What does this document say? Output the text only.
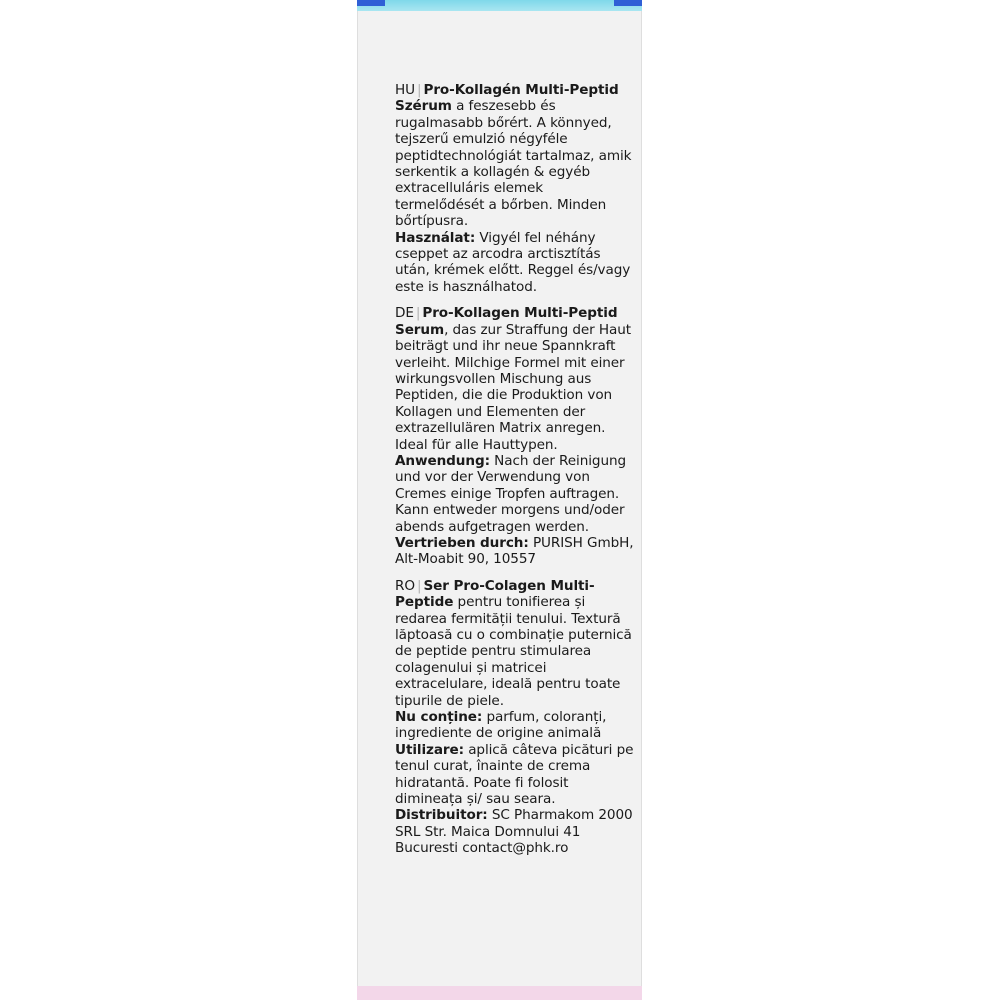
HU | Pro-Kollagén Multi-Peptid Szérum a feszesebb és rugalmasabb bőrért. A könnyed, tejszerű emulzió négyféle peptidtechnológiát tartalmaz, amik serkentik a kollagén & egyéb extracelluláris elemek termelődését a bőrben. Minden bőrtípusra.
Használat: Vigyél fel néhány cseppet az arcodra arctisztítás után, krémek előtt. Reggel és/vagy este is használhatod.
DE | Pro-Kollagen Multi-Peptid Serum, das zur Straffung der Haut beiträgt und ihr neue Spannkraft verleiht. Milchige Formel mit einer wirkungsvollen Mischung aus Peptiden, die die Produktion von Kollagen und Elementen der extrazellulären Matrix anregen. Ideal für alle Hauttypen.
Anwendung: Nach der Reinigung und vor der Verwendung von Cremes einige Tropfen auftragen. Kann entweder morgens und/oder abends aufgetragen werden.
Vertrieben durch: PURISH GmbH, Alt-Moabit 90, 10557
RO | Ser Pro-Colagen Multi-Peptide pentru tonifierea și redarea fermității tenului. Textură lăptoasă cu o combinație puternică de peptide pentru stimularea colagenului și matricei extracelulare, ideală pentru toate tipurile de piele.
Nu conține: parfum, coloranți, ingrediente de origine animală
Utilizare: aplică câteva picături pe tenul curat, înainte de crema hidratantă. Poate fi folosit dimineața și/ sau seara.
Distribuitor: SC Pharmakom 2000 SRL Str. Maica Domnului 41 Bucuresti contact@phk.ro
